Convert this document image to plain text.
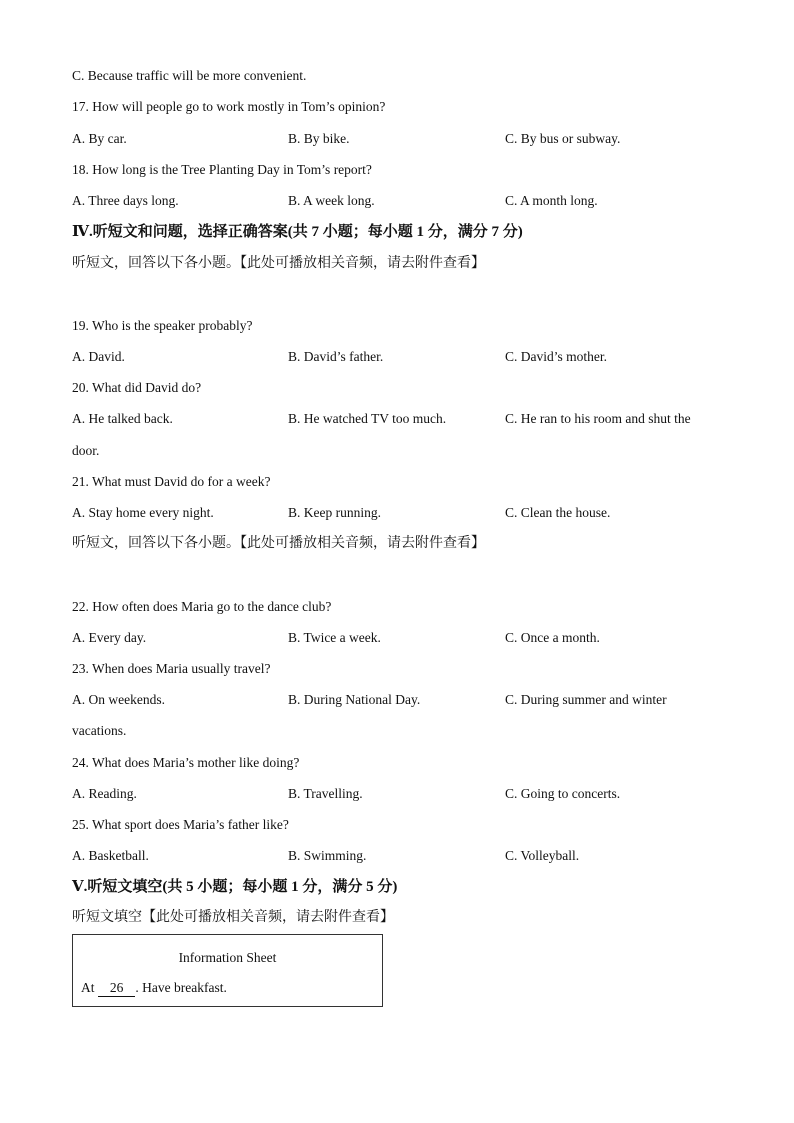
C. Because traffic will be more convenient.
17. How will people go to work mostly in Tom’s opinion?
A. By car.	B. By bike.	C. By bus or subway.
18. How long is the Tree Planting Day in Tom’s report?
A. Three days long.	B. A week long.	C. A month long.
Ⅳ.听短文和问题，选择正确答案(共 7 小题；每小题 1 分，满分 7 分)
听短文，回答以下各小题。【此处可播放相关音频，请去附件查看】
19. Who is the speaker probably?
A. David.	B. David’s father.	C. David’s mother.
20. What did David do?
A. He talked back.	B. He watched TV too much.	C. He ran to his room and shut the
door.
21. What must David do for a week?
A. Stay home every night.	B. Keep running.	C. Clean the house.
听短文，回答以下各小题。【此处可播放相关音频，请去附件查看】
22. How often does Maria go to the dance club?
A. Every day.	B. Twice a week.	C. Once a month.
23. When does Maria usually travel?
A. On weekends.	B. During National Day.	C. During summer and winter
vacations.
24. What does Maria’s mother like doing?
A. Reading.	B. Travelling.	C. Going to concerts.
25. What sport does Maria’s father like?
A. Basketball.	B. Swimming.	C. Volleyball.
Ⅴ.听短文填空(共 5 小题；每小题 1 分，满分 5 分)
听短文填空【此处可播放相关音频，请去附件查看】
Information Sheet
At 26 . Have breakfast.
